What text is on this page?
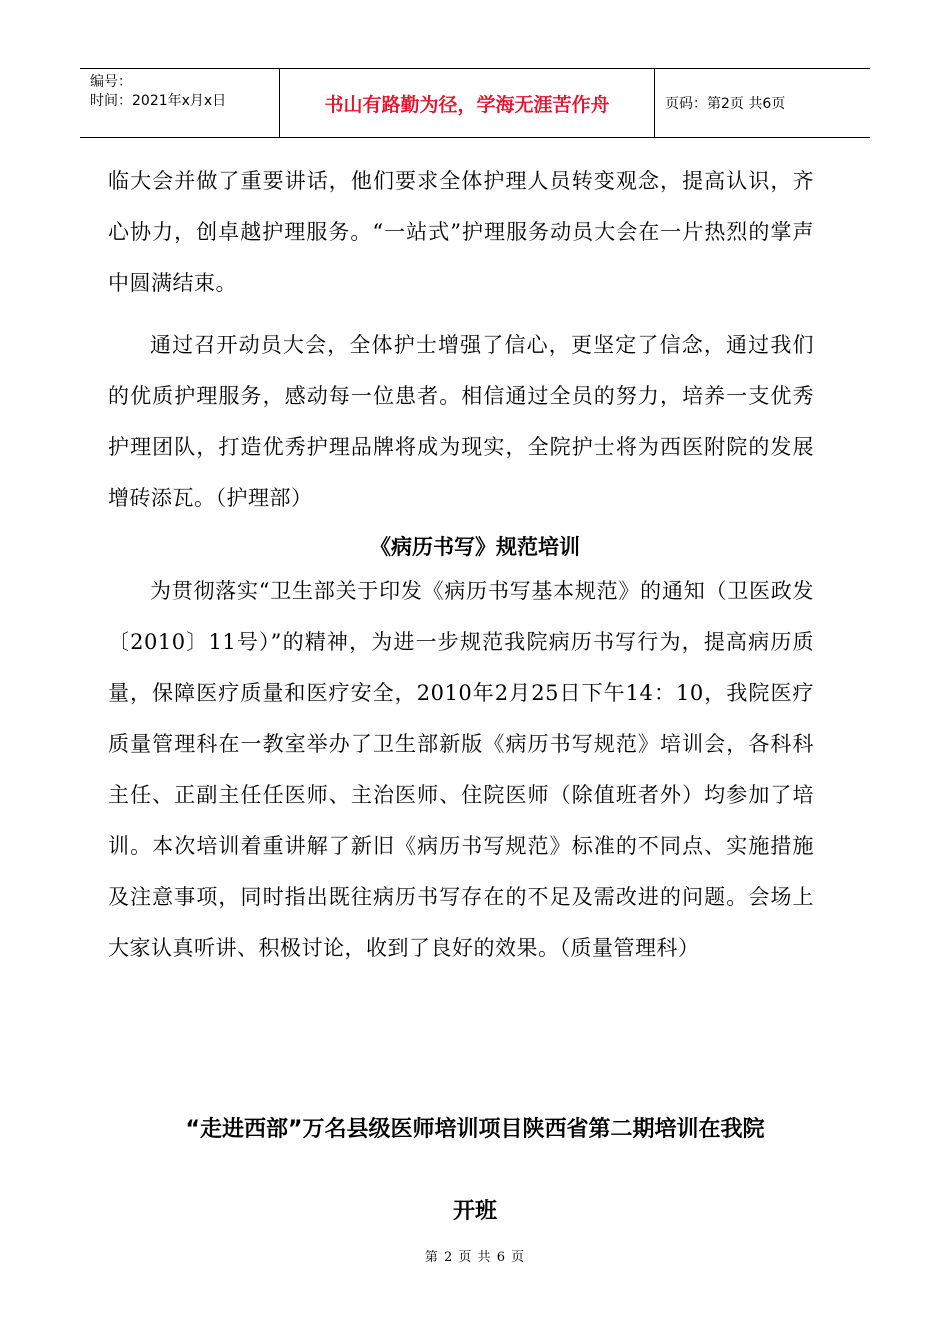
编号：
时间：2021年x月x日	书山有路勤为径，学海无涯苦作舟	页码：第2页 共6页

临大会并做了重要讲话，他们要求全体护理人员转变观念，提高认识，齐心协力，创卓越护理服务。“一站式”护理服务动员大会在一片热烈的掌声中圆满结束。

通过召开动员大会，全体护士增强了信心，更坚定了信念，通过我们的优质护理服务，感动每一位患者。相信通过全员的努力，培养一支优秀护理团队，打造优秀护理品牌将成为现实，全院护士将为西医附院的发展增砖添瓦。（护理部）

《病历书写》规范培训

为贯彻落实“卫生部关于印发《病历书写基本规范》的通知（卫医政发〔2010〕11号）”的精神，为进一步规范我院病历书写行为，提高病历质量，保障医疗质量和医疗安全，2010年2月25日下午14：10，我院医疗质量管理科在一教室举办了卫生部新版《病历书写规范》培训会，各科科主任、正副主任任医师、主治医师、住院医师（除值班者外）均参加了培训。本次培训着重讲解了新旧《病历书写规范》标准的不同点、实施措施及注意事项，同时指出既往病历书写存在的不足及需改进的问题。会场上大家认真听讲、积极讨论，收到了良好的效果。（质量管理科）

“走进西部”万名县级医师培训项目陕西省第二期培训在我院
开班
第 2 页 共 6 页
